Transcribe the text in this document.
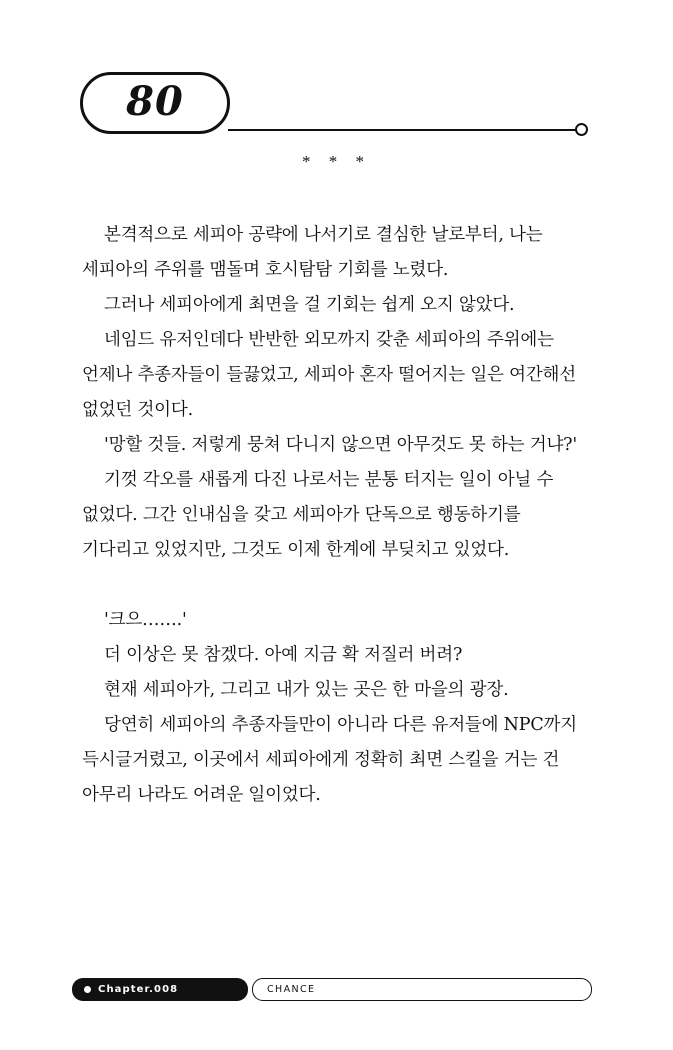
80
* * *

본격적으로 세피아 공략에 나서기로 결심한 날로부터, 나는 세피아의 주위를 맴돌며 호시탐탐 기회를 노렸다.

그러나 세피아에게 최면을 걸 기회는 쉽게 오지 않았다.

네임드 유저인데다 반반한 외모까지 갖춘 세피아의 주위에는 언제나 추종자들이 들끓었고, 세피아 혼자 떨어지는 일은 여간해선 없었던 것이다.

'망할 것들. 저렇게 뭉쳐 다니지 않으면 아무것도 못 하는 거냐?'

기껏 각오를 새롭게 다진 나로서는 분통 터지는 일이 아닐 수 없었다. 그간 인내심을 갖고 세피아가 단독으로 행동하기를 기다리고 있었지만, 그것도 이제 한계에 부딪치고 있었다.

'크으…….'

더 이상은 못 참겠다. 아예 지금 확 저질러 버려?

현재 세피아가, 그리고 내가 있는 곳은 한 마을의 광장.

당연히 세피아의 추종자들만이 아니라 다른 유저들에 NPC까지 득시글거렸고, 이곳에서 세피아에게 정확히 최면 스킬을 거는 건 아무리 나라도 어려운 일이었다.

Chapter.008	CHANCE
